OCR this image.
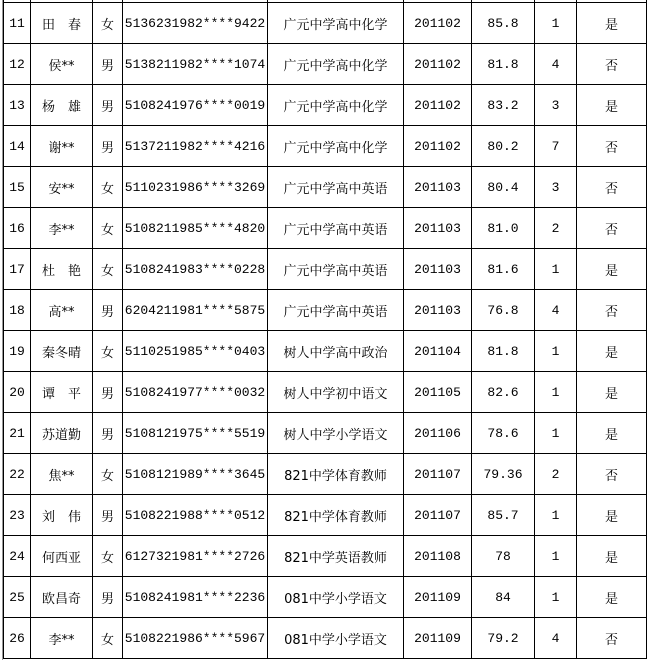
11	田　春	女	5136231982****9422	广元中学高中化学	201102	85.8	1	是
12	侯**	男	5138211982****1074	广元中学高中化学	201102	81.8	4	否
13	杨　雄	男	5108241976****0019	广元中学高中化学	201102	83.2	3	是
14	谢**	男	5137211982****4216	广元中学高中化学	201102	80.2	7	否
15	安**	女	5110231986****3269	广元中学高中英语	201103	80.4	3	否
16	李**	女	5108211985****4820	广元中学高中英语	201103	81.0	2	否
17	杜　艳	女	5108241983****0228	广元中学高中英语	201103	81.6	1	是
18	高**	男	6204211981****5875	广元中学高中英语	201103	76.8	4	否
19	秦冬晴	女	5110251985****0403	树人中学高中政治	201104	81.8	1	是
20	谭　平	男	5108241977****0032	树人中学初中语文	201105	82.6	1	是
21	苏道勤	男	5108121975****5519	树人中学小学语文	201106	78.6	1	是
22	焦**	女	5108121989****3645	821中学体育教师	201107	79.36	2	否
23	刘　伟	男	5108221988****0512	821中学体育教师	201107	85.7	1	是
24	何西亚	女	6127321981****2726	821中学英语教师	201108	78	1	是
25	欧昌奇	男	5108241981****2236	081中学小学语文	201109	84	1	是
26	李**	女	5108221986****5967	081中学小学语文	201109	79.2	4	否
